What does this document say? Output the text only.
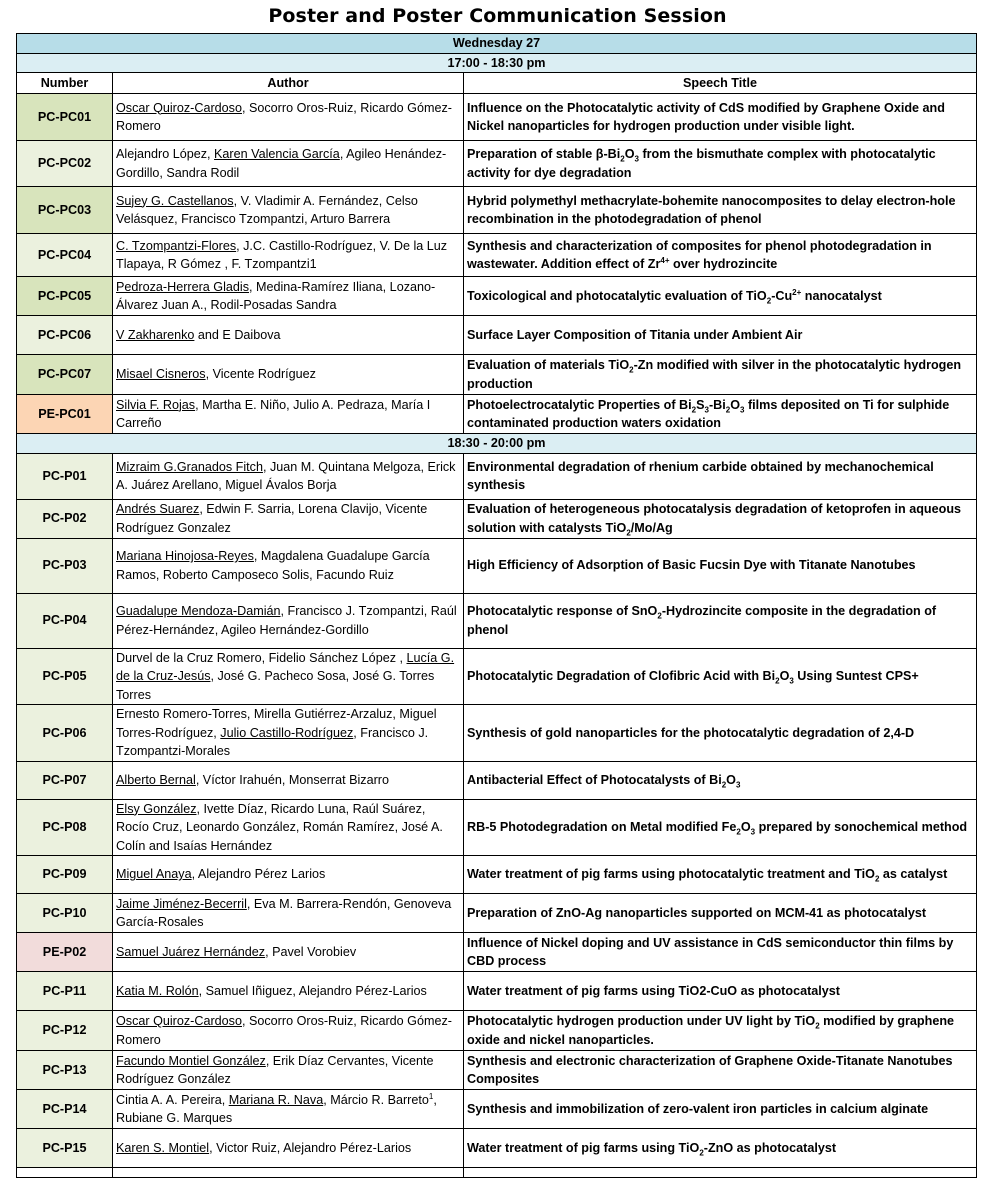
Poster and Poster Communication Session
Wednesday 27		
17:00 - 18:30 pm		
Number	Author	Speech Title
PC-PC01	Oscar Quiroz-Cardoso, Socorro Oros-Ruiz, Ricardo Gómez-Romero	Influence on the Photocatalytic activity of CdS modified by Graphene Oxide and Nickel nanoparticles for hydrogen production under visible light.
PC-PC02	Alejandro López, Karen Valencia García, Agileo Henández-Gordillo, Sandra Rodil	Preparation of stable $\beta-Bi_2O_3$ from the bismuthate complex with photocatalytic activity for dye degradation
PC-PC03	Sujey G. Castellanos, V. Vladimir A. Fernández, Celso Velásquez, Francisco Tzompantzi, Arturo Barrera	Hybrid polymethyl methacrylate-bohemite nanocomposites to delay electron-hole recombination in the photodegradation of phenol
PC-PC04	C. Tzompantzi-Flores, J.C. Castillo-Rodríguez, V. De la Luz Tlapaya, R Gómez , F. Tzompantzi1	Synthesis and characterization of composites for phenol photodegradation in wastewater. Addition effect of $Zr^{4+}$ over hydrozincite
PC-PC05	Pedroza-Herrera Gladis, Medina-Ramírez Iliana, Lozano-Álvarez Juan A., Rodil-Posadas Sandra	Toxicological and photocatalytic evaluation of $TiO_2-Cu^{2+}$ nanocatalyst
PC-PC06	V Zakharenko and E Daibova	Surface Layer Composition of Titania under Ambient Air
PC-PC07	Misael Cisneros, Vicente Rodríguez	Evaluation of materials TiO$_2$-Zn modified with silver in the photocatalytic hydrogen production
PE-PC01	Silvia F. Rojas, Martha E. Niño, Julio A. Pedraza, María I Carreño	Photoelectrocatalytic Properties of $Bi_2S_3-Bi_2O_3$ films deposited on Ti for sulphide contaminated production waters oxidation
18:30 - 20:00 pm		
PC-P01	Mizraim G.Granados Fitch, Juan M. Quintana Melgoza, Erick A. Juárez Arellano, Miguel Ávalos Borja	Environmental degradation of rhenium carbide obtained by mechanochemical synthesis
PC-P02	Andrés Suarez, Edwin F. Sarria, Lorena Clavijo, Vicente Rodríguez Gonzalez	Evaluation of heterogeneous photocatalysis degradation of ketoprofen in aqueous solution with catalysts TiO$_2$/Mo/Ag
PC-P03	Mariana Hinojosa-Reyes, Magdalena Guadalupe García Ramos, Roberto Camposeco Solis, Facundo Ruiz	High Efficiency of Adsorption of Basic Fucsin Dye with Titanate Nanotubes
PC-P04	Guadalupe Mendoza-Damián, Francisco J. Tzompantzi, Raúl Pérez-Hernández, Agileo Hernández-Gordillo	Photocatalytic response of SnO$_2$-Hydrozincite composite in the degradation of phenol
PC-P05	Durvel de la Cruz Romero, Fidelio Sánchez López , Lucía G. de la Cruz-Jesús, José G. Pacheco Sosa, José G. Torres Torres	Photocatalytic Degradation of Clofibric Acid with $Bi_2O_3$ Using Suntest CPS+
PC-P06	Ernesto Romero-Torres, Mirella Gutiérrez-Arzaluz, Miguel Torres-Rodríguez, Julio Castillo-Rodríguez, Francisco J. Tzompantzi-Morales	Synthesis of gold nanoparticles for the photocatalytic degradation of 2,4-D
PC-P07	Alberto Bernal, Víctor Irahuén, Monserrat Bizarro	Antibacterial Effect of Photocatalysts of $Bi_2O_3$
PC-P08	Elsy González, Ivette Díaz, Ricardo Luna, Raúl Suárez, Rocío Cruz, Leonardo González, Román Ramírez, José A. Colín and Isaías Hernández	RB-5 Photodegradation on Metal modified $Fe_2O_3$ prepared by sonochemical method
PC-P09	Miguel Anaya, Alejandro Pérez Larios	Water treatment of pig farms using photocatalytic treatment and TiO$_2$ as catalyst
PC-P10	Jaime Jiménez-Becerril, Eva M. Barrera-Rendón, Genoveva García-Rosales	Preparation of ZnO-Ag nanoparticles supported on MCM-41 as photocatalyst
PE-P02	Samuel Juárez Hernández, Pavel Vorobiev	Influence of Nickel doping and UV assistance in CdS semiconductor thin films by CBD process
PC-P11	Katia M. Rolón, Samuel Iñiguez, Alejandro Pérez-Larios	Water treatment of pig farms using TiO2-CuO as photocatalyst
PC-P12	Oscar Quiroz-Cardoso, Socorro Oros-Ruiz, Ricardo Gómez-Romero	Photocatalytic hydrogen production under UV light by TiO$_2$ modified by graphene oxide and nickel nanoparticles.
PC-P13	Facundo Montiel González, Erik Díaz Cervantes, Vicente Rodríguez González	Synthesis and electronic characterization of Graphene Oxide-Titanate Nanotubes Composites
PC-P14	Cintia A. A. Pereira, Mariana R. Nava, Márcio R. Barreto$^1$, Rubiane G. Marques	Synthesis and immobilization of zero-valent iron particles in calcium alginate
PC-P15	Karen S. Montiel, Victor Ruiz, Alejandro Pérez-Larios	Water treatment of pig farms using TiO$_2$-ZnO as photocatalyst
